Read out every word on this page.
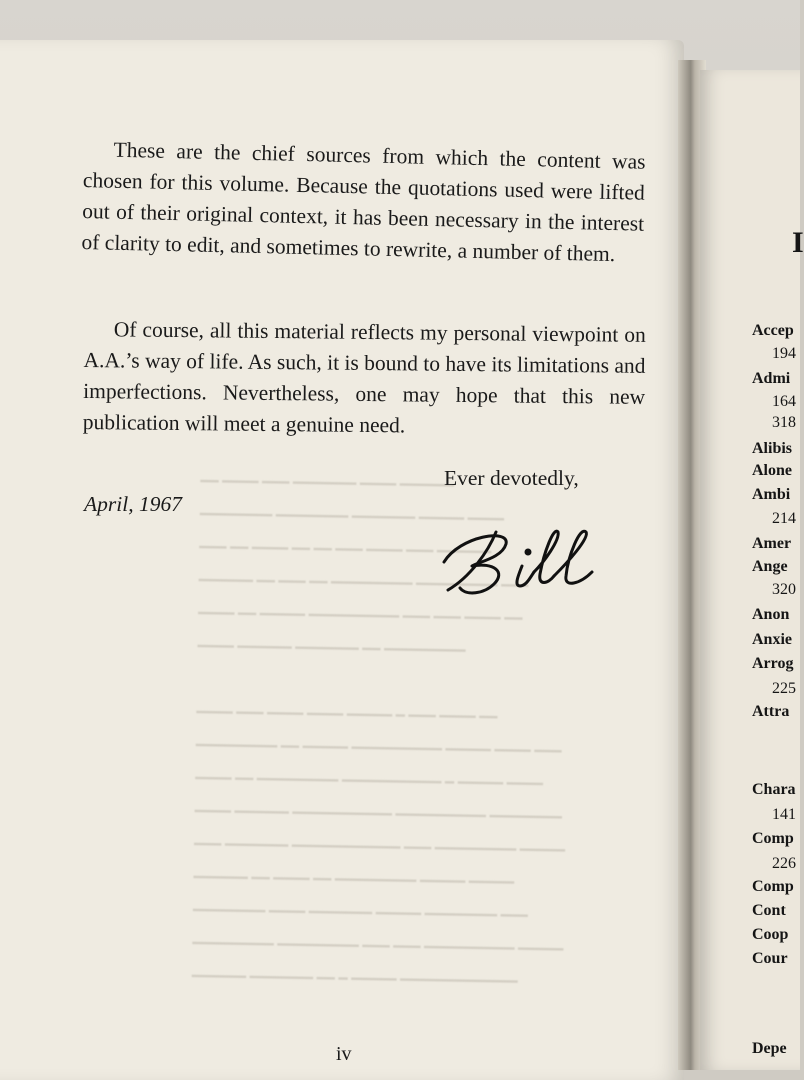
​━━ ━━━━ ━━━ ━━━━━━━ ━━━━ ━━━━━━
━━━━━━━━ ━━━━━━━━ ━━━━━━━ ━━━━━ ━━━━
━━━ ━━ ━━━━ ━━ ━━ ━━━ ━━━━ ━━━ ━━━━━━
━━━━━━ ━━ ━━━ ━━ ━━━━━━━━━ ━━━━━━━━━ ━━━
━━━━ ━━ ━━━━━ ━━━━━━━━━━ ━━━ ━━━ ━━━━ ━━
━━━━ ━━━━━━ ━━━━━━━ ━━ ━━━━━━━━━
​
━━━━ ━━━ ━━━━ ━━━━ ━━━━━ ━ ━━━ ━━━━ ━━
━━━━━━━━━ ━━ ━━━━━ ━━━━━━━━━━ ━━━━━ ━━━━ ━━━
━━━━ ━━ ━━━━━━━━━ ━━━━━━━━━━━ ━ ━━━━━ ━━━━
━━━━ ━━━━━━ ━━━━━━━━━━━ ━━━━━━━━━━ ━━━━━━━━
━━━ ━━━━━━━ ━━━━━━━━━━━━ ━━━ ━━━━━━━━━ ━━━━━
━━━━━━ ━━ ━━━━ ━━ ━━━━━━━━━ ━━━━━ ━━━━━
━━━━━━━━ ━━━━ ━━━━━━━ ━━━━━ ━━━━━━━━ ━━━
━━━━━━━━━ ━━━━━━━━━ ━━━ ━━━ ━━━━━━━━━━ ━━━━━
━━━━━━ ━━━━━━━ ━━ ━ ━━━━━ ━━━━━━━━━━━━━

These are the chief sources from which the content was chosen for this volume. Because the quotations used were lifted out of their original context, it has been necessary in the interest of clarity to edit, and sometimes to rewrite, a number of them.

Of course, all this material reflects my personal viewpoint on A.A.’s way of life. As such, it is bound to have its limitations and imperfections. Nevertheless, one may hope that this new publication will meet a genuine need.

Ever devotedly,
April, 1967
iv
I
Accep
194
Admi
164
318
Alibis
Alone
Ambi
214
Amer
Ange
320
Anon
Anxie
Arrog
225
Attra
Chara
141
Comp
226
Comp
Cont
Coop
Cour
Depe
